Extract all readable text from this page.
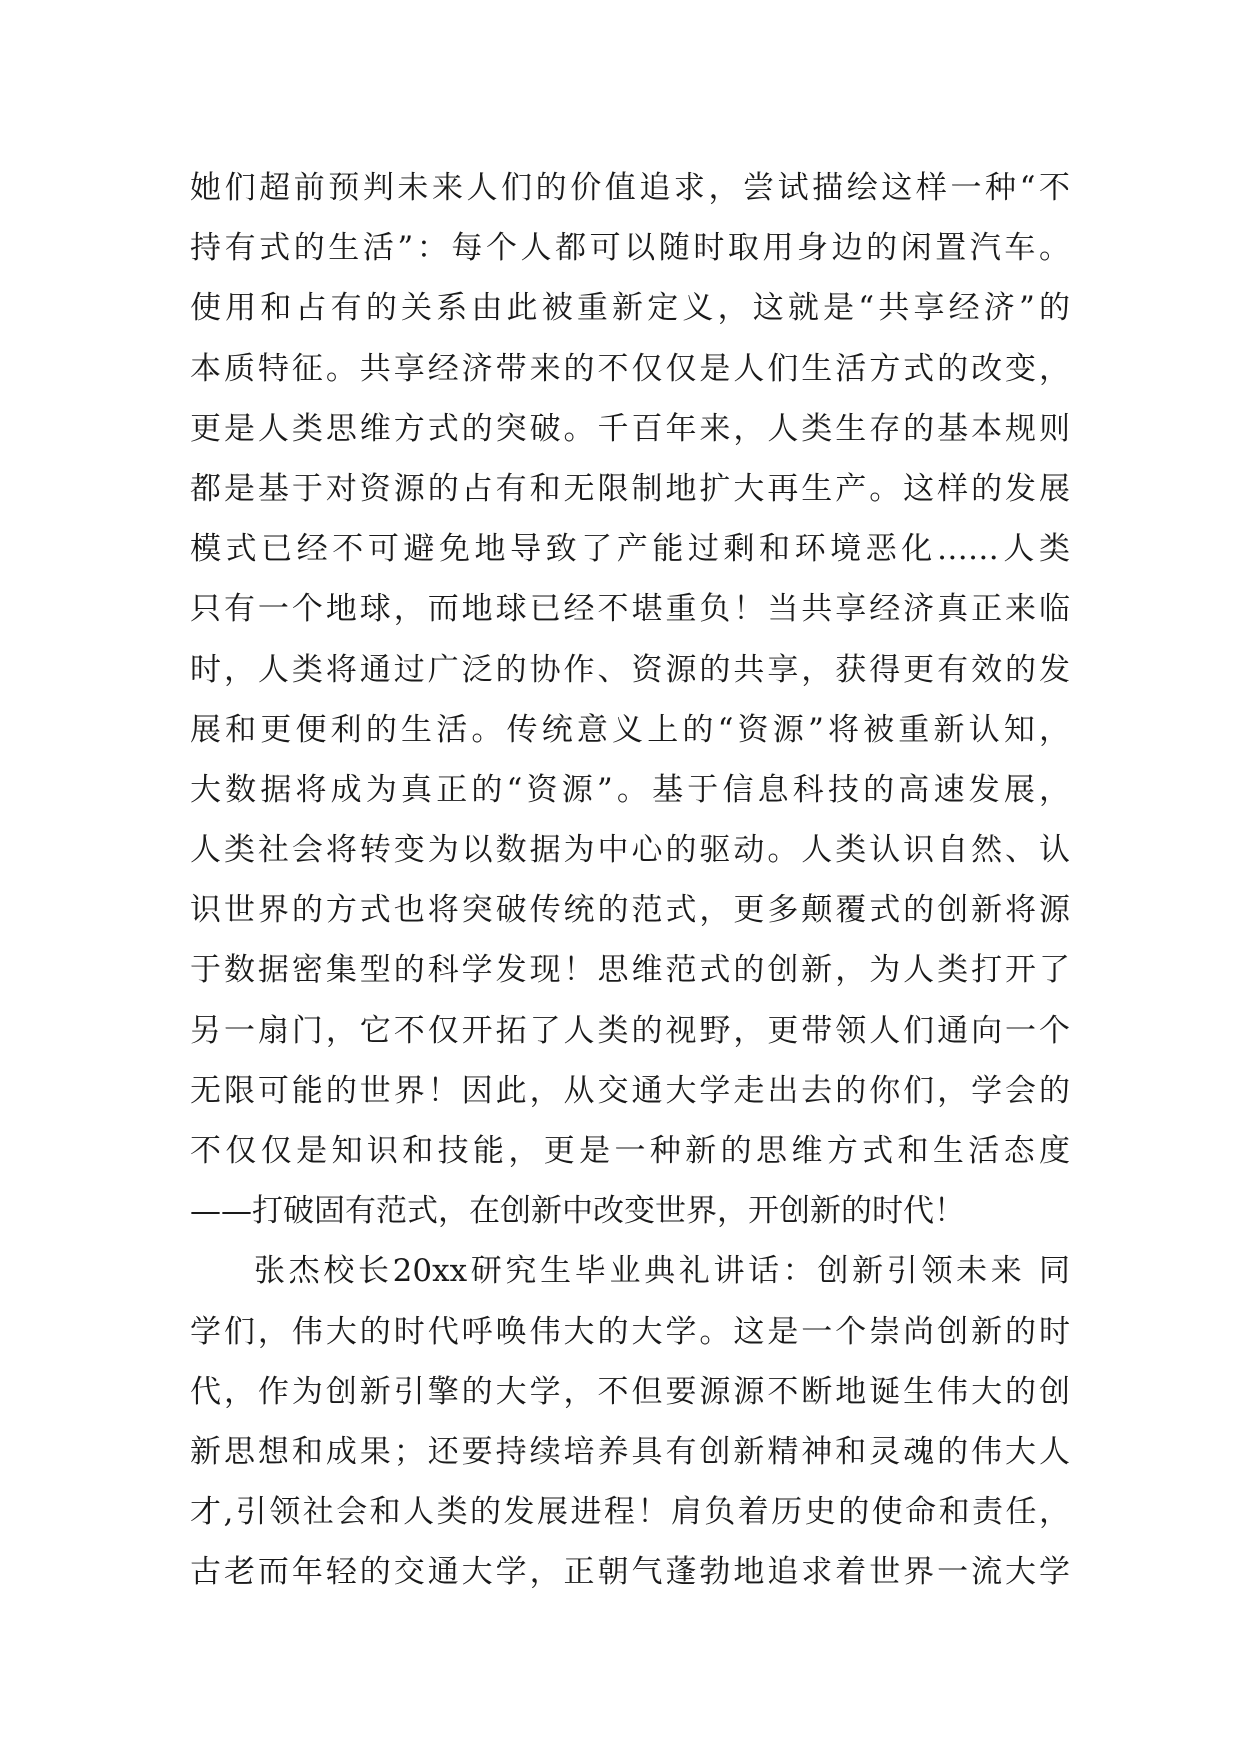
她们超前预判未来人们的价值追求，尝试描绘这样一种“不
持有式的生活”：每个人都可以随时取用身边的闲置汽车。
使用和占有的关系由此被重新定义，这就是“共享经济”的
本质特征。共享经济带来的不仅仅是人们生活方式的改变，
更是人类思维方式的突破。千百年来，人类生存的基本规则
都是基于对资源的占有和无限制地扩大再生产。这样的发展
模式已经不可避免地导致了产能过剩和环境恶化……人类
只有一个地球，而地球已经不堪重负！当共享经济真正来临
时，人类将通过广泛的协作、资源的共享，获得更有效的发
展和更便利的生活。传统意义上的“资源”将被重新认知，
大数据将成为真正的“资源”。基于信息科技的高速发展，
人类社会将转变为以数据为中心的驱动。人类认识自然、认
识世界的方式也将突破传统的范式，更多颠覆式的创新将源
于数据密集型的科学发现！思维范式的创新，为人类打开了
另一扇门，它不仅开拓了人类的视野，更带领人们通向一个
无限可能的世界！因此，从交通大学走出去的你们，学会的
不仅仅是知识和技能，更是一种新的思维方式和生活态度
——打破固有范式，在创新中改变世界，开创新的时代！
张杰校长20xx研究生毕业典礼讲话：创新引领未来 同
学们，伟大的时代呼唤伟大的大学。这是一个崇尚创新的时
代，作为创新引擎的大学，不但要源源不断地诞生伟大的创
新思想和成果；还要持续培养具有创新精神和灵魂的伟大人
才,引领社会和人类的发展进程！肩负着历史的使命和责任，
古老而年轻的交通大学，正朝气蓬勃地追求着世界一流大学
